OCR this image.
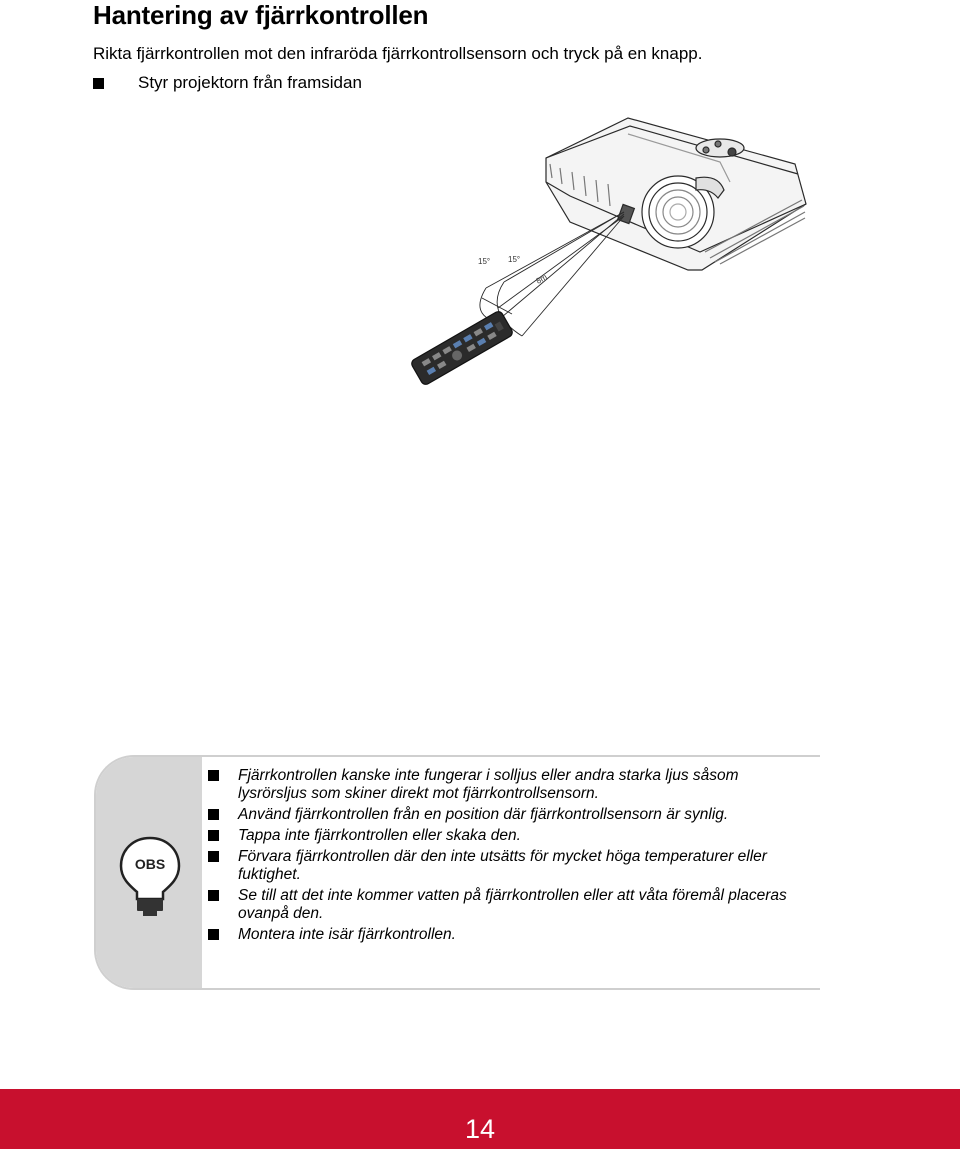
Hantering av fjärrkontrollen

Rikta fjärrkontrollen mot den infraröda fjärrkontrollsensorn och tryck på en knapp.

Styr projektorn från framsidan
15° 15°
8m
OBS
Fjärrkontrollen kanske inte fungerar i solljus eller andra starka ljus såsom lysrörsljus som skiner direkt mot fjärrkontrollsensorn.
Använd fjärrkontrollen från en position där fjärrkontrollsensorn är synlig.
Tappa inte fjärrkontrollen eller skaka den.
Förvara fjärrkontrollen där den inte utsätts för mycket höga temperaturer eller fuktighet.
Se till att det inte kommer vatten på fjärrkontrollen eller att våta föremål placeras ovanpå den.
Montera inte isär fjärrkontrollen.
14
